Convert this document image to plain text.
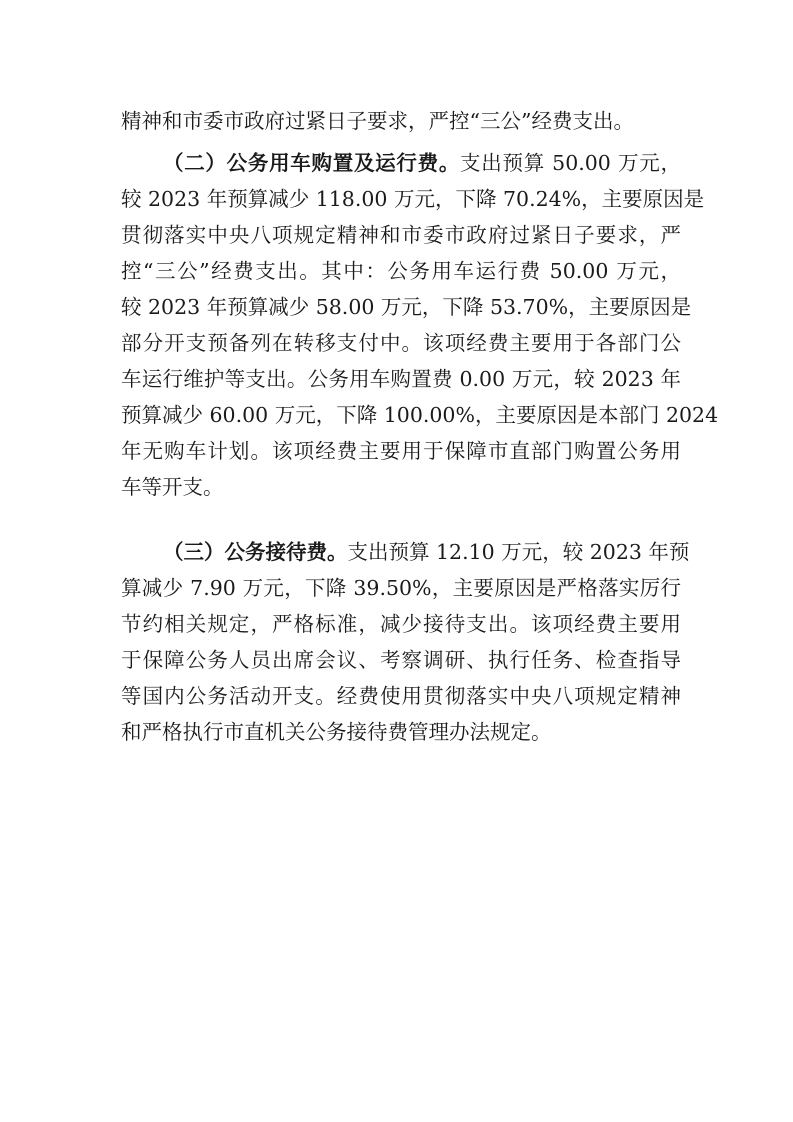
精神和市委市政府过紧日子要求，严控“三公”经费支出。
（二）公务用车购置及运行费。支出预算 50.00 万元，
较 2023 年预算减少 118.00 万元，下降 70.24%，主要原因是
贯彻落实中央八项规定精神和市委市政府过紧日子要求，严
控“三公”经费支出。其中：公务用车运行费 50.00 万元，
较 2023 年预算减少 58.00 万元，下降 53.70%，主要原因是
部分开支预备列在转移支付中。该项经费主要用于各部门公
车运行维护等支出。公务用车购置费 0.00 万元，较 2023 年
预算减少 60.00 万元，下降 100.00%，主要原因是本部门 2024
年无购车计划。该项经费主要用于保障市直部门购置公务用
车等开支。
（三）公务接待费。支出预算 12.10 万元，较 2023 年预
算减少 7.90 万元，下降 39.50%，主要原因是严格落实厉行
节约相关规定，严格标准，减少接待支出。该项经费主要用
于保障公务人员出席会议、考察调研、执行任务、检查指导
等国内公务活动开支。经费使用贯彻落实中央八项规定精神
和严格执行市直机关公务接待费管理办法规定。
